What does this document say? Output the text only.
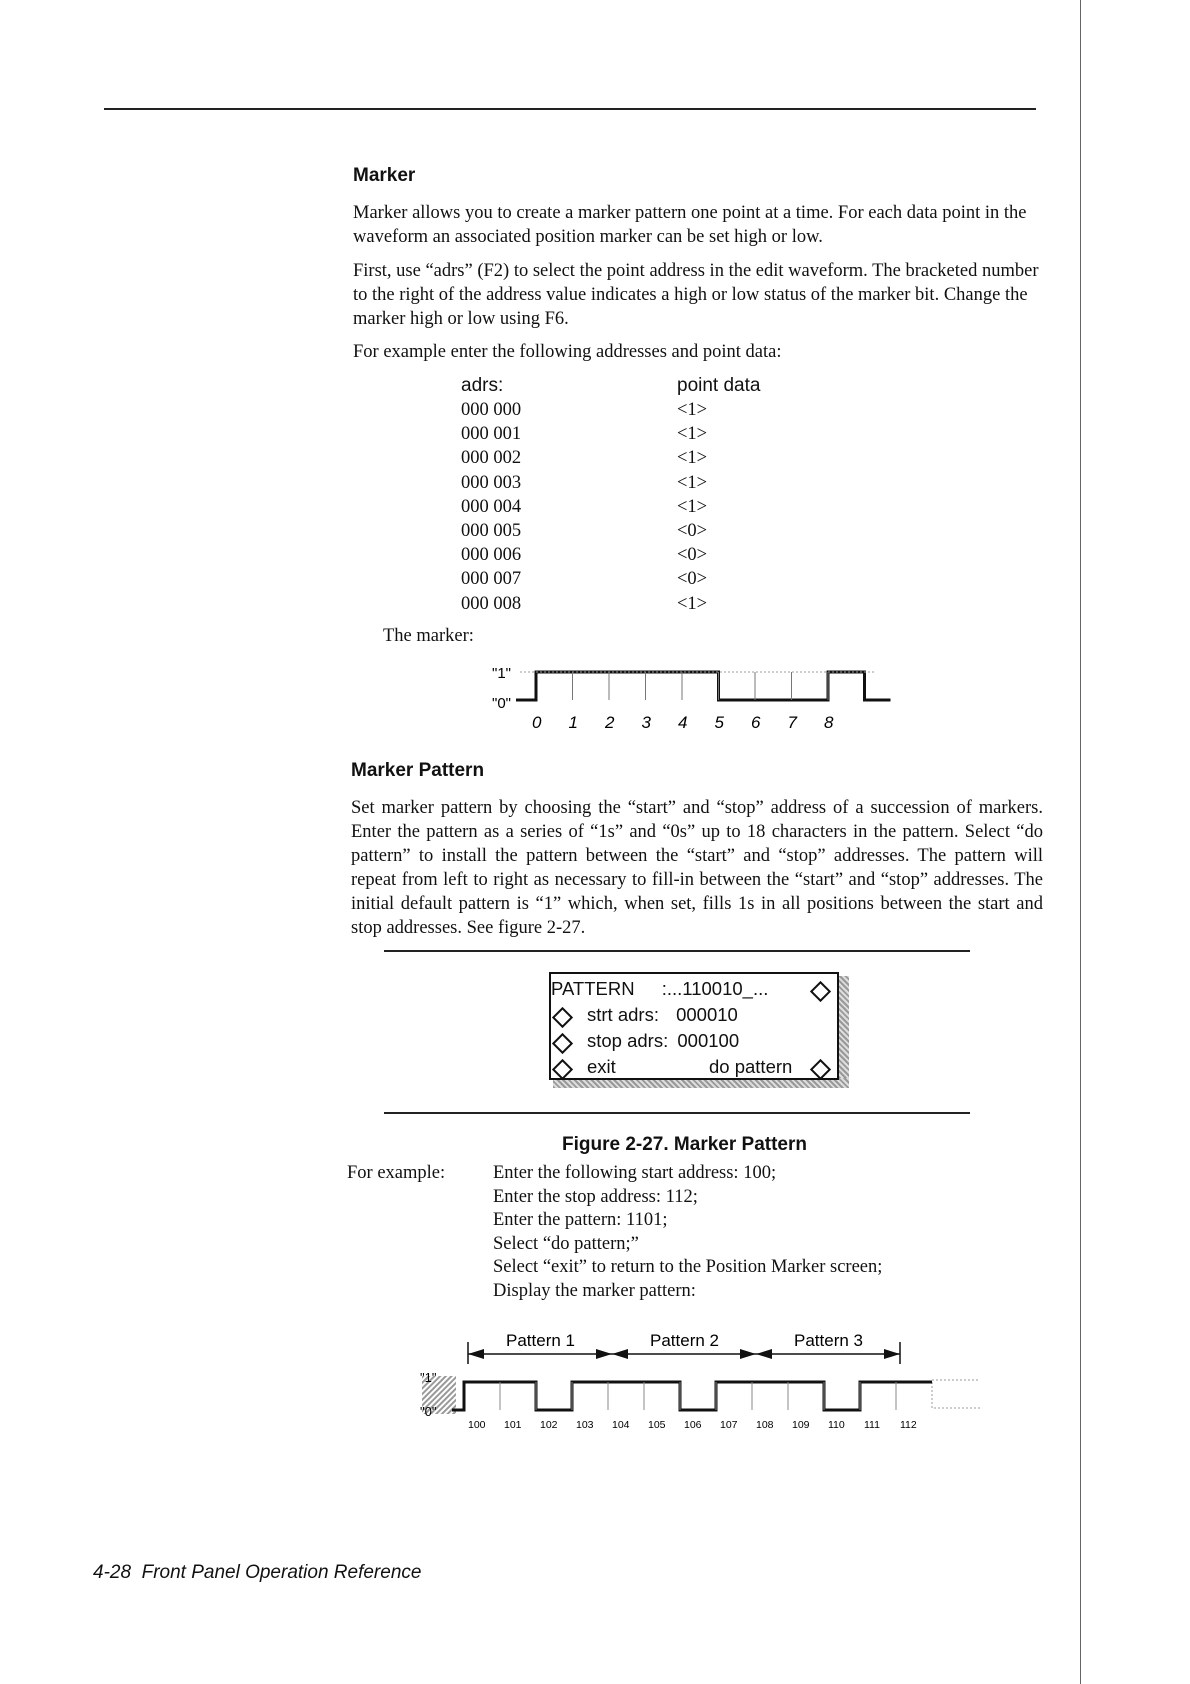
Marker

Marker allows you to create a marker pattern one point at a time. For each data point in the waveform an associated position marker can be set high or low.

First, use “adrs” (F2) to select the point address in the edit waveform. The bracketed number to the right of the address value indicates a high or low status of the marker bit. Change the marker high or low using F6.

For example enter the following addresses and point data:

adrs:	point data
000 000	<1>
000 001	<1>
000 002	<1>
000 003	<1>
000 004	<1>
000 005	<0>
000 006	<0>
000 007	<0>
000 008	<1>
The marker:
"1"
"0"
0 1 2 3 4 5 6 7 8
Marker Pattern

Set marker pattern by choosing the “start” and “stop” address of a succession of markers. Enter the pattern as a series of “1s” and “0s” up to 18 characters in the pattern. Select “do pattern” to install the pattern between the “start” and “stop” addresses. The pattern will repeat from left to right as necessary to fill-in between the “start” and “stop” addresses. The initial default pattern is “1” which, when set, fills 1s in all positions between the start and stop addresses. See figure 2-27.

PATTERN :...110010_...
strt adrs: 000010
stop adrs: 000100
exit	do pattern
Figure 2-27. Marker Pattern
For example:	Enter the following start address: 100;
Enter the stop address: 112;
Enter the pattern: 1101;
Select “do pattern;”
Select “exit” to return to the Position Marker screen;
Display the marker pattern:
Pattern 1	Pattern 2	Pattern 3
"1"
"0"
100 101 102 103 104 105 106 107 108 109 110 111 112
4-28  Front Panel Operation Reference
